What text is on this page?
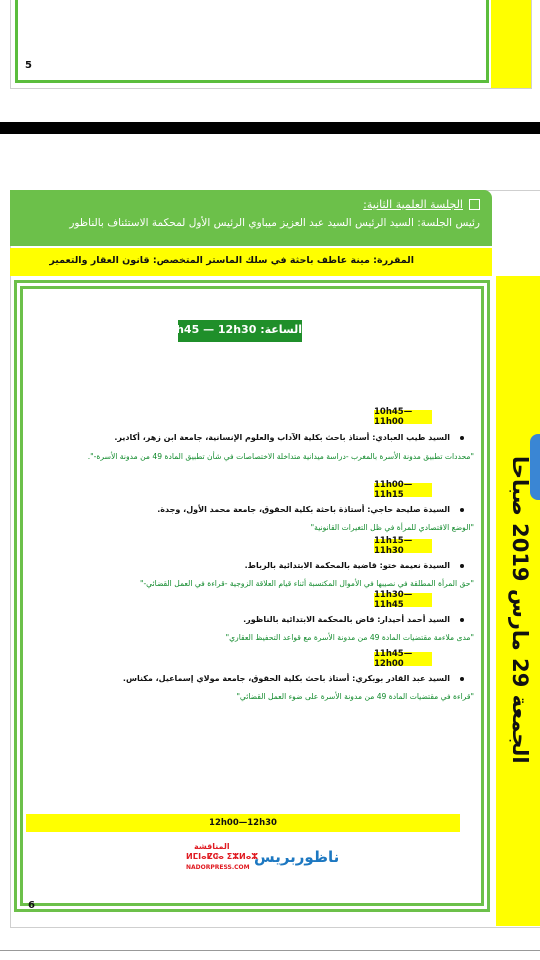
5
الجلسة العلمية الثانية:
رئيس الجلسة: السيد الرئيس السيد عبد العزيز ميباوي الرئيس الأول لمحكمة الاستئناف بالناظور
المقررة: مينة عاطف باحثة في سلك الماستر المتخصص: قانون العقار والتعمير
الجمعة 29 مارس 2019 صباحا
الساعة: 10h45 — 12h30
10h45—11h00
السيد طيب العبادي: أستاذ باحث بكلية الآداب والعلوم الإنسانية، جامعة ابن زهر، أكادير.
"محددات تطبيق مدونة الأسرة بالمغرب -دراسة ميدانية متداخلة الاختصاصات في شأن تطبيق المادة 49 من مدونة الأسرة-".
11h00—11h15
السيدة صليحة حاجي: أستاذة باحثة بكلية الحقوق، جامعة محمد الأول، وجدة.
"الوضع الاقتصادي للمرأة في ظل التغيرات القانونية"
11h15—11h30
السيدة نعيمة ختو: قاضية بالمحكمة الابتدائية بالرباط.
"حق المرأة المطلقة في نصيبها في الأموال المكتسبة أثناء قيام العلاقة الزوجية -قراءة في العمل القضائي-"
11h30—11h45
السيد أحمد أحيدار: قاض بالمحكمة الابتدائية بالناظور.
"مدى ملاءمة مقتضيات المادة 49 من مدونة الأسرة مع قواعد التحفيظ العقاري"
11h45—12h00
السيد عبد القادر بوبكري: أستاذ باحث بكلية الحقوق، جامعة مولاي إسماعيل، مكناس.
"قراءة في مقتضيات المادة 49 من مدونة الأسرة على ضوء العمل القضائي"
12h00—12h30
ناظوربريس
المناقشة
ⵍⵎⵏⴰⵇⵛⴰ ⵉⵣⵍⴰⵣ
NADORPRESS.COM
6
